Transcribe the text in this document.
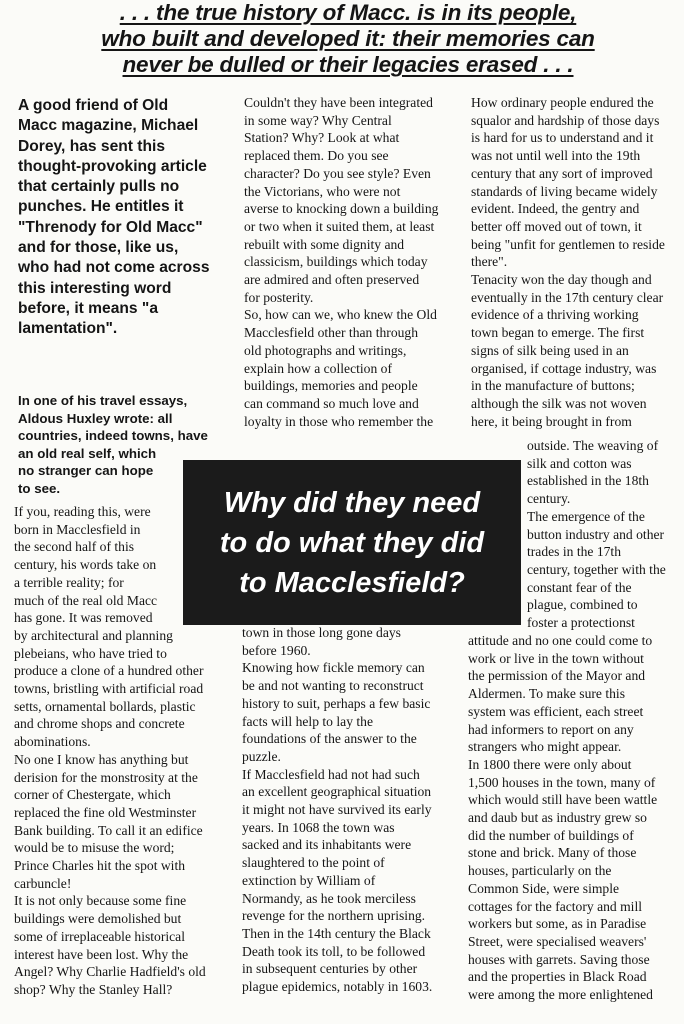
. . . the true history of Macc. is in its people,
who built and developed it: their memories can
never be dulled or their legacies erased . . .
A good friend of Old
Macc magazine, Michael
Dorey, has sent this
thought-provoking article
that certainly pulls no
punches. He entitles it
"Threnody for Old Macc"
and for those, like us,
who had not come across
this interesting word
before, it means "a
lamentation".
In one of his travel essays,
Aldous Huxley wrote: all
countries, indeed towns, have
an old real self, which
no stranger can hope
to see.
If you, reading this, were
born in Macclesfield in
the second half of this
century, his words take on
a terrible reality; for
much of the real old Macc
has gone. It was removed
by architectural and planning
plebeians, who have tried to
produce a clone of a hundred other
towns, bristling with artificial road
setts, ornamental bollards, plastic
and chrome shops and concrete
abominations.
No one I know has anything but
derision for the monstrosity at the
corner of Chestergate, which
replaced the fine old Westminster
Bank building. To call it an edifice
would be to misuse the word;
Prince Charles hit the spot with
carbuncle!
It is not only because some fine
buildings were demolished but
some of irreplaceable historical
interest have been lost. Why the
Angel? Why Charlie Hadfield's old
shop? Why the Stanley Hall?
Couldn't they have been integrated
in some way? Why Central
Station? Why? Look at what
replaced them. Do you see
character? Do you see style? Even
the Victorians, who were not
averse to knocking down a building
or two when it suited them, at least
rebuilt with some dignity and
classicism, buildings which today
are admired and often preserved
for posterity.
So, how can we, who knew the Old
Macclesfield other than through
old photographs and writings,
explain how a collection of
buildings, memories and people
can command so much love and
loyalty in those who remember the
Why did they need
to do what they did
to Macclesfield?
town in those long gone days
before 1960.
Knowing how fickle memory can
be and not wanting to reconstruct
history to suit, perhaps a few basic
facts will help to lay the
foundations of the answer to the
puzzle.
If Macclesfield had not had such
an excellent geographical situation
it might not have survived its early
years. In 1068 the town was
sacked and its inhabitants were
slaughtered to the point of
extinction by William of
Normandy, as he took merciless
revenge for the northern uprising.
Then in the 14th century the Black
Death took its toll, to be followed
in subsequent centuries by other
plague epidemics, notably in 1603.
How ordinary people endured the
squalor and hardship of those days
is hard for us to understand and it
was not until well into the 19th
century that any sort of improved
standards of living became widely
evident. Indeed, the gentry and
better off moved out of town, it
being "unfit for gentlemen to reside
there".
Tenacity won the day though and
eventually in the 17th century clear
evidence of a thriving working
town began to emerge. The first
signs of silk being used in an
organised, if cottage industry, was
in the manufacture of buttons;
although the silk was not woven
here, it being brought in from
outside. The weaving of
silk and cotton was
established in the 18th
century.
The emergence of the
button industry and other
trades in the 17th
century, together with the
constant fear of the
plague, combined to
foster a protectionst
attitude and no one could come to
work or live in the town without
the permission of the Mayor and
Aldermen. To make sure this
system was efficient, each street
had informers to report on any
strangers who might appear.
In 1800 there were only about
1,500 houses in the town, many of
which would still have been wattle
and daub but as industry grew so
did the number of buildings of
stone and brick. Many of those
houses, particularly on the
Common Side, were simple
cottages for the factory and mill
workers but some, as in Paradise
Street, were specialised weavers'
houses with garrets. Saving those
and the properties in Black Road
were among the more enlightened
